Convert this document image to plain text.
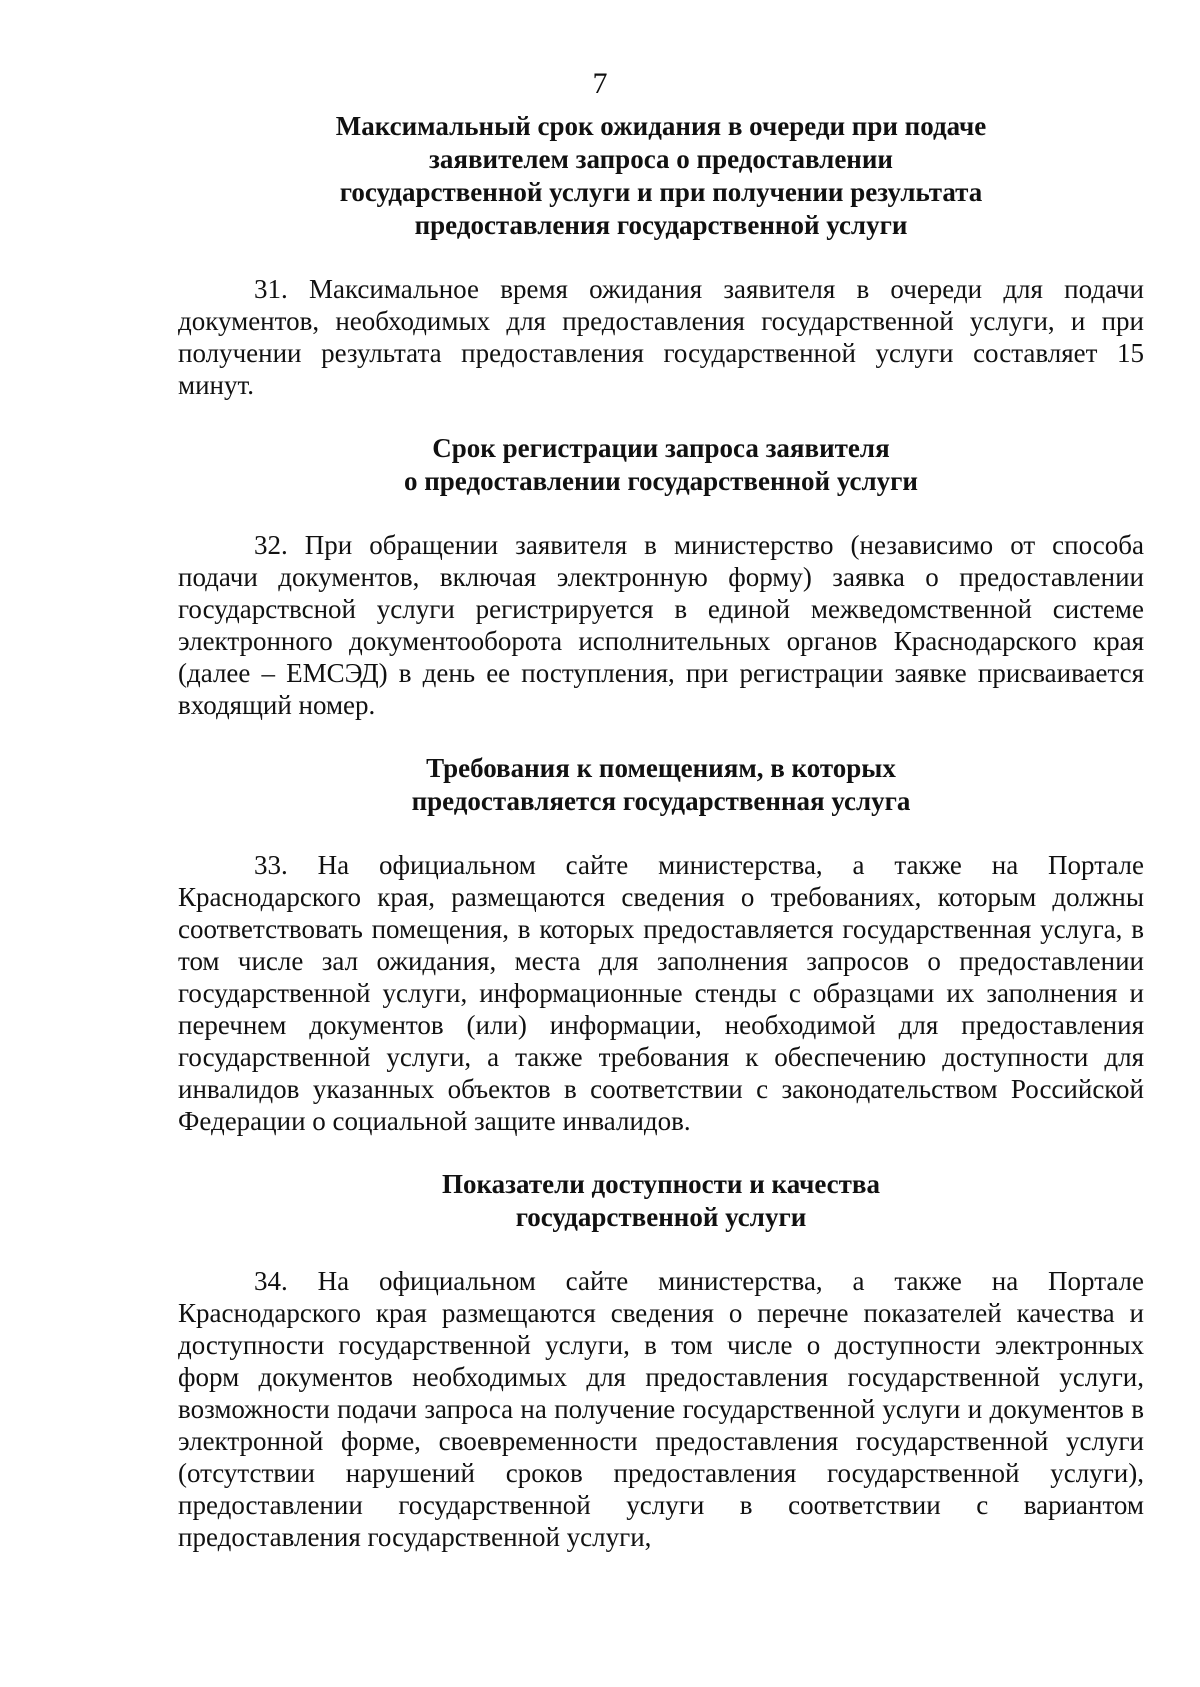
7
Максимальный срок ожидания в очереди при подаче
заявителем запроса о предоставлении
государственной услуги и при получении результата
предоставления государственной услуги

31. Максимальное время ожидания заявителя в очереди для подачи документов, необходимых для предоставления государственной услуги, и при получении результата предоставления государственной услуги составляет 15 минут.

Срок регистрации запроса заявителя
о предоставлении государственной услуги

32. При обращении заявителя в министерство (независимо от способа подачи документов, включая электронную форму) заявка о предоставлении государствсной услуги регистрируется в единой межведомственной системе электронного документооборота исполнительных органов Краснодарского края (далее – ЕМСЭД) в день ее поступления, при регистрации заявке присваивается входящий номер.

Требования к помещениям, в которых
предоставляется государственная услуга

33. На официальном сайте министерства, а также на Портале Краснодарского края, размещаются сведения о требованиях, которым должны соответствовать помещения, в которых предоставляется государственная услуга, в том числе зал ожидания, места для заполнения запросов о предоставлении государственной услуги, информационные стенды с образцами их заполнения и перечнем документов (или) информации, необходимой для предоставления государственной услуги, а также требования к обеспечению доступности для инвалидов указанных объектов в соответствии с законодательством Российской Федерации о социальной защите инвалидов.

Показатели доступности и качества
государственной услуги

34. На официальном сайте министерства, а также на Портале Краснодарского края размещаются сведения о перечне показателей качества и доступности государственной услуги, в том числе о доступности электронных форм документов необходимых для предоставления государственной услуги, возможности подачи запроса на получение государственной услуги и документов в электронной форме, своевременности предоставления государственной услуги (отсутствии нарушений сроков предоставления государственной услуги), предоставлении государственной услуги в соответствии с вариантом предоставления государственной услуги,
